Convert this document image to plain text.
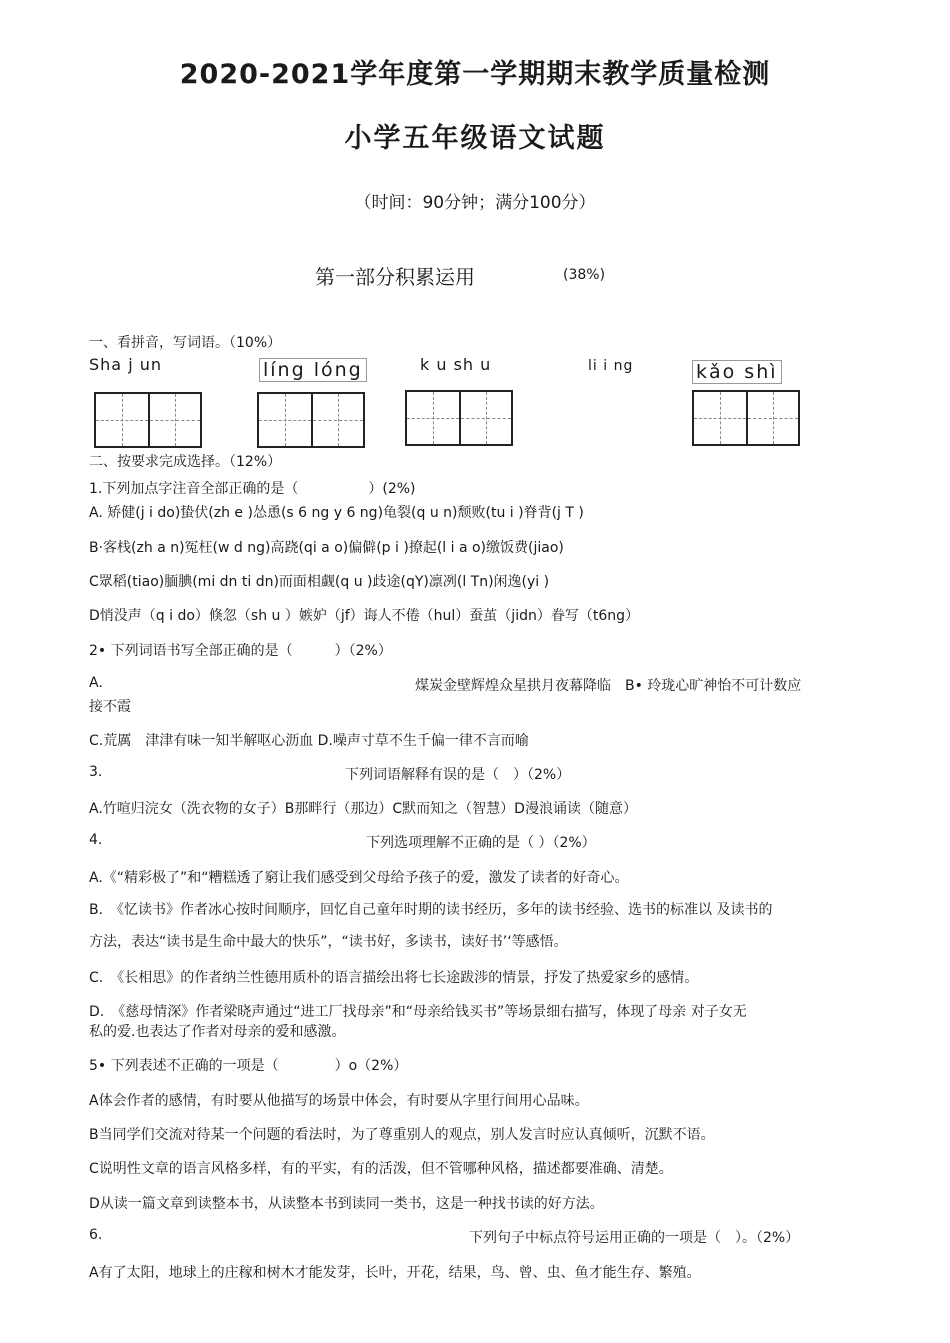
2020-2021学年度第一学期期末教学质量检测
小学五年级语文试题
（时间：90分钟；满分100分）
第一部分积累运用	(38%)
一、看拼音，写词语。（10%）
Sha j un	líng lóng	k u sh u	li i ng	kǎo shì
二、按要求完成选择。（12%）
1.下列加点字注音全部正确的是（　　　　　）(2%)
A. 矫健(j i do)蛰伏(zh e )怂恿(s 6 ng y 6 ng)龟裂(q u n)颓败(tu i )脊背(j T )
B·客栈(zh a n)冤枉(w d ng)高跷(qi a o)偏僻(p i )撩起(l i a o)缴饭费(jiao)
C眾稻(tiao)腼腆(mi dn ti dn)而面相觑(q u )歧途(qY)凛冽(l Tn)闲逸(yi )
D悄没声（q i do）倏忽（sh u ）嫉妒（jf）诲人不倦（hul）蚕茧（jidn）眷写（t6ng）
2• 下列词语书写全部正确的是（　　　）（2%）
A.	煤炭金壁辉煌众星拱月夜幕降临　B• 玲珑心旷神怡不可计数应
接不霞
C.荒厲　津津有味一知半解呕心沥血 D.噪声寸草不生千偏一律不言而喻
3.	下列词语解释有误的是（　）（2%）
A.竹喧归浣女（洗衣物的女子）B那畔行（那边）C默而知之（智慧）D漫浪诵读（随意）
4.	下列选项理解不正确的是（ ）（2%）
A.《“精彩极了”和“糟糕透了窮让我们感受到父母给予孩子的爱，激发了读者的好奇心。
B.　《忆读书》作者冰心按时间顺序，回忆自己童年时期的读书经历，多年的读书经验、选书的标准以 及读书的
方法，表达“读书是生命中最大的快乐”，“读书好，多读书，读好书’‘等感悟。
C.　《长相思》的作者纳兰性德用质朴的语言描绘出将七长途跋涉的情景，抒发了热爱家乡的感情。
D.　《慈母情深》作者梁晓声通过“进工厂找母亲”和“母亲给钱买书”等场景细右描写，体现了母亲 对子女无
私的爱.也表达了作者对母亲的爱和感激。
5• 下列表述不正确的一项是（　　　　）o（2%）
A体会作者的感情，有时要从他描写的场景中体会，有时要从字里行间用心品味。
B当同学们交流对待某一个问题的看法时，为了尊重别人的观点，别人发言时应认真倾听，沉默不语。
C说明性文章的语言风格多样，有的平实，有的活泼，但不管哪种风格，描述都要准确、清楚。
D从读一篇文章到读整本书，从读整本书到读同一类书，这是一种找书读的好方法。
6.	下列句子中标点符号运用正确的一项是（　）。（2%）
A有了太阳，地球上的庄稼和树木才能发芽，长叶，开花，结果，鸟、曾、虫、鱼才能生存、繁殖。
